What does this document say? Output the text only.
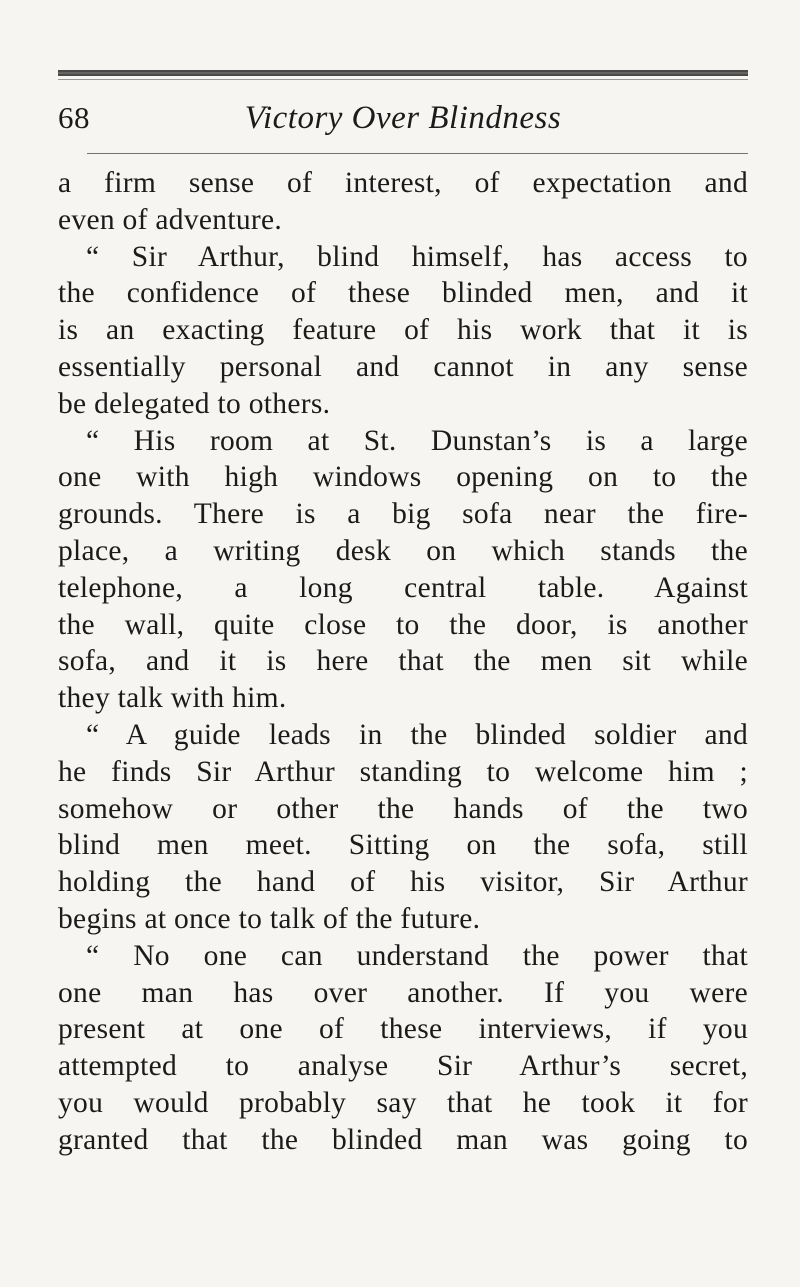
68	Victory Over Blindness
a firm sense of interest, of expectation and
even of adventure.
“ Sir Arthur, blind himself, has access to
the confidence of these blinded men, and it
is an exacting feature of his work that it is
essentially personal and cannot in any sense
be delegated to others.
“ His room at St. Dunstan’s is a large
one with high windows opening on to the
grounds. There is a big sofa near the fire-
place, a writing desk on which stands the
telephone, a long central table. Against
the wall, quite close to the door, is another
sofa, and it is here that the men sit while
they talk with him.
“ A guide leads in the blinded soldier and
he finds Sir Arthur standing to welcome him ;
somehow or other the hands of the two
blind men meet. Sitting on the sofa, still
holding the hand of his visitor, Sir Arthur
begins at once to talk of the future.
“ No one can understand the power that
one man has over another. If you were
present at one of these interviews, if you
attempted to analyse Sir Arthur’s secret,
you would probably say that he took it for
granted that the blinded man was going to
